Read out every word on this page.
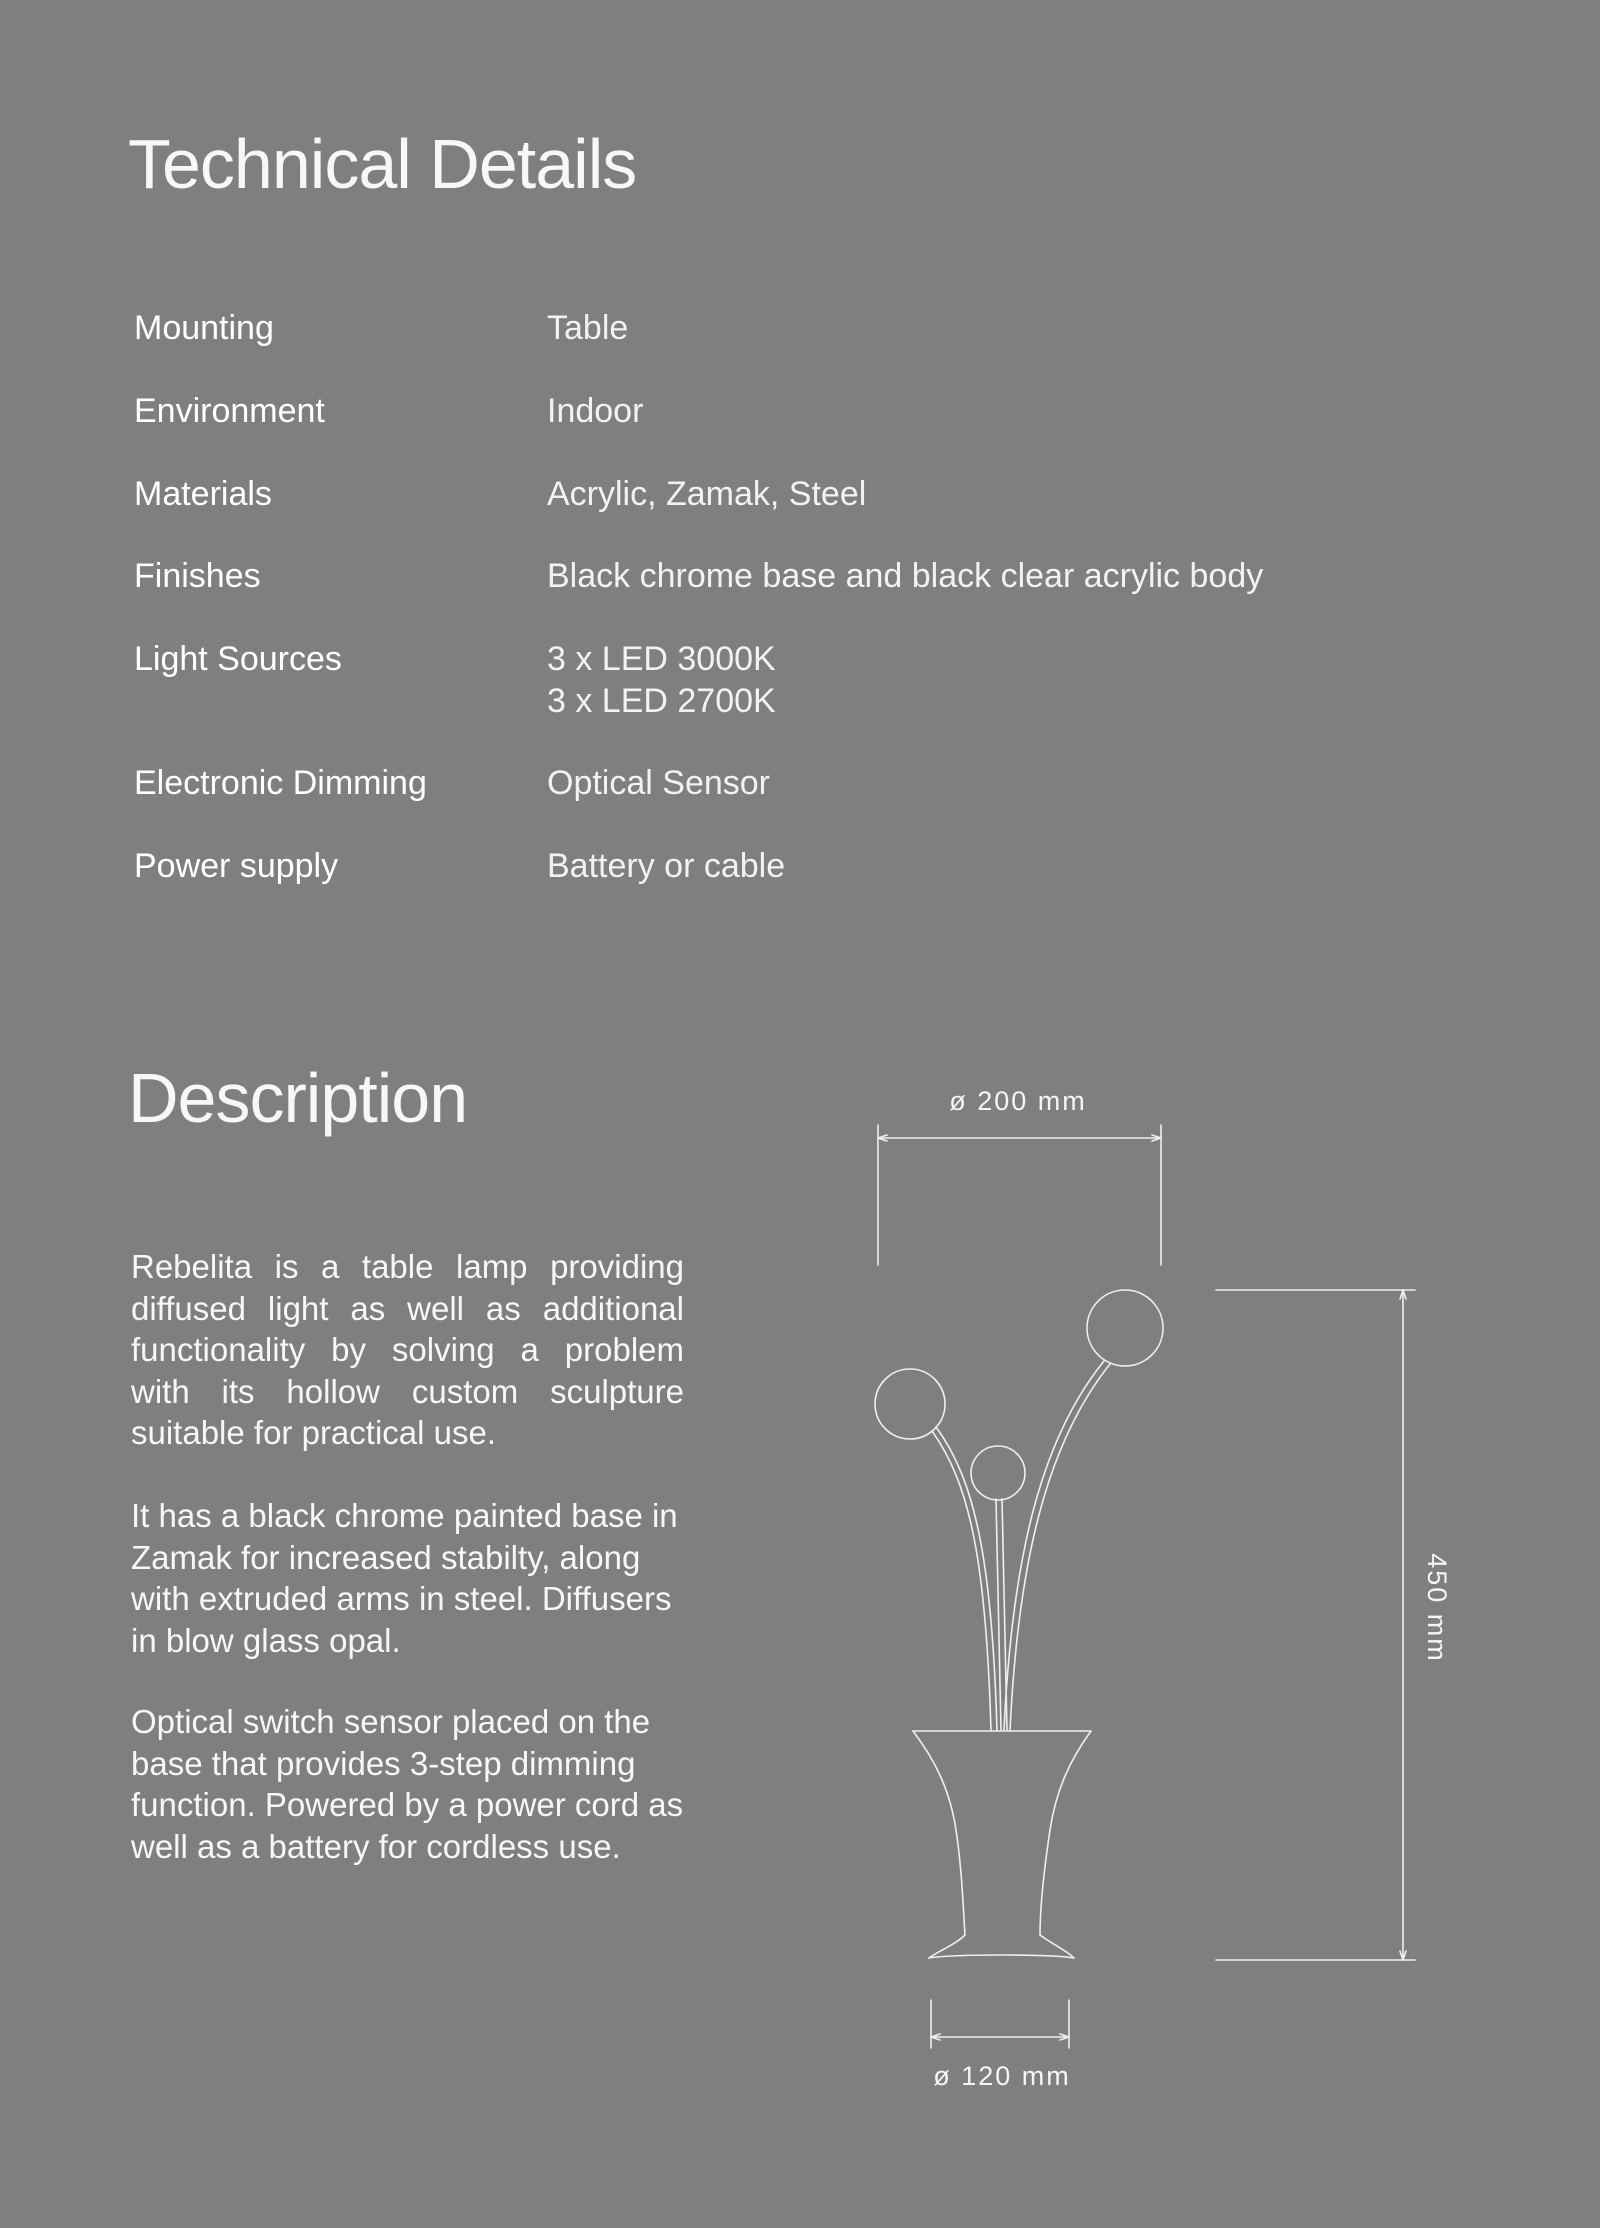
Technical Details
Mounting	Table
Environment	Indoor
Materials	Acrylic, Zamak, Steel
Finishes	Black chrome base and black clear acrylic body
Light Sources	3 x LED 3000K
3 x LED 2700K
Electronic Dimming	Optical Sensor
Power supply	Battery or cable
Description

Rebelita is a table lamp providing diffused light as well as additional functionality by solving a problem with its hollow custom sculpture suitable for practical use.

It has a black chrome painted base in Zamak for increased stabilty, along with extruded arms in steel. Diffusers in blow glass opal.

Optical switch sensor placed on the base that provides 3-step dimming function. Powered by a power cord as well as a battery for cordless use.

ø 200 mm
ø 120 mm
450 mm
